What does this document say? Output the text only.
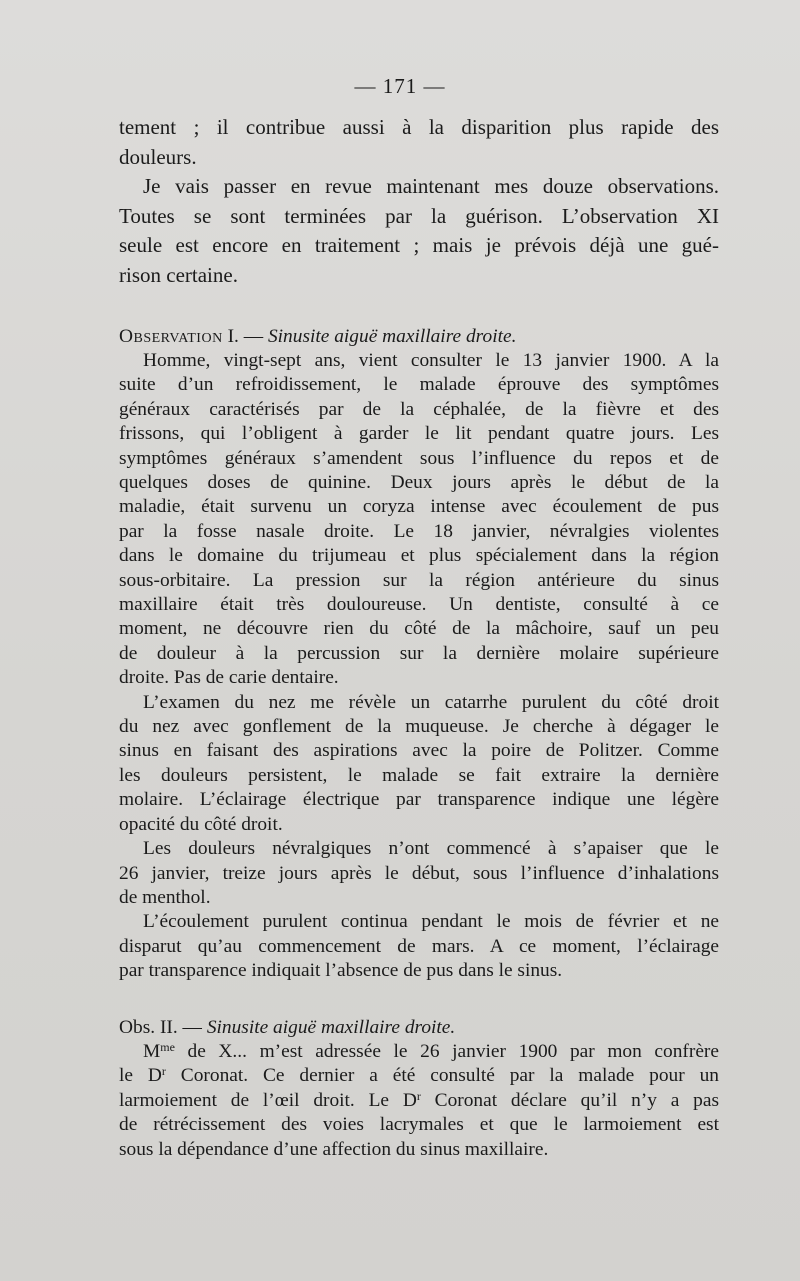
— 171 —
tement ; il contribue aussi à la disparition plus rapide des
douleurs.
Je vais passer en revue maintenant mes douze observations.
Toutes se sont terminées par la guérison. L’observation XI
seule est encore en traitement ; mais je prévois déjà une gué-
rison certaine.
Observation I. — Sinusite aiguë maxillaire droite.
Homme, vingt-sept ans, vient consulter le 13 janvier 1900. A la
suite d’un refroidissement, le malade éprouve des symptômes
généraux caractérisés par de la céphalée, de la fièvre et des
frissons, qui l’obligent à garder le lit pendant quatre jours. Les
symptômes généraux s’amendent sous l’influence du repos et de
quelques doses de quinine. Deux jours après le début de la
maladie, était survenu un coryza intense avec écoulement de pus
par la fosse nasale droite. Le 18 janvier, névralgies violentes
dans le domaine du trijumeau et plus spécialement dans la région
sous-orbitaire. La pression sur la région antérieure du sinus
maxillaire était très douloureuse. Un dentiste, consulté à ce
moment, ne découvre rien du côté de la mâchoire, sauf un peu
de douleur à la percussion sur la dernière molaire supérieure
droite. Pas de carie dentaire.
L’examen du nez me révèle un catarrhe purulent du côté droit
du nez avec gonflement de la muqueuse. Je cherche à dégager le
sinus en faisant des aspirations avec la poire de Politzer. Comme
les douleurs persistent, le malade se fait extraire la dernière
molaire. L’éclairage électrique par transparence indique une légère
opacité du côté droit.
Les douleurs névralgiques n’ont commencé à s’apaiser que le
26 janvier, treize jours après le début, sous l’influence d’inhalations
de menthol.
L’écoulement purulent continua pendant le mois de février et ne
disparut qu’au commencement de mars. A ce moment, l’éclairage
par transparence indiquait l’absence de pus dans le sinus.
Obs. II. — Sinusite aiguë maxillaire droite.
$M^{me}$ de X... m’est adressée le 26 janvier 1900 par mon confrère
le $D^r$ Coronat. Ce dernier a été consulté par la malade pour un
larmoiement de l’œil droit. Le $D^r$ Coronat déclare qu’il n’y a pas
de rétrécissement des voies lacrymales et que le larmoiement est
sous la dépendance d’une affection du sinus maxillaire.
